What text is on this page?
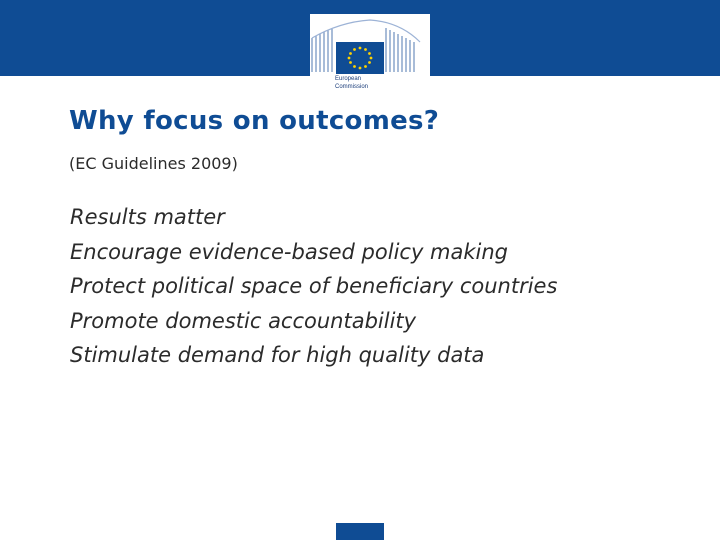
European
Commission
Why focus on outcomes?
(EC Guidelines 2009)
Results matter
Encourage evidence-based policy making
Protect political space of beneficiary countries
Promote domestic accountability
Stimulate demand for high quality data
